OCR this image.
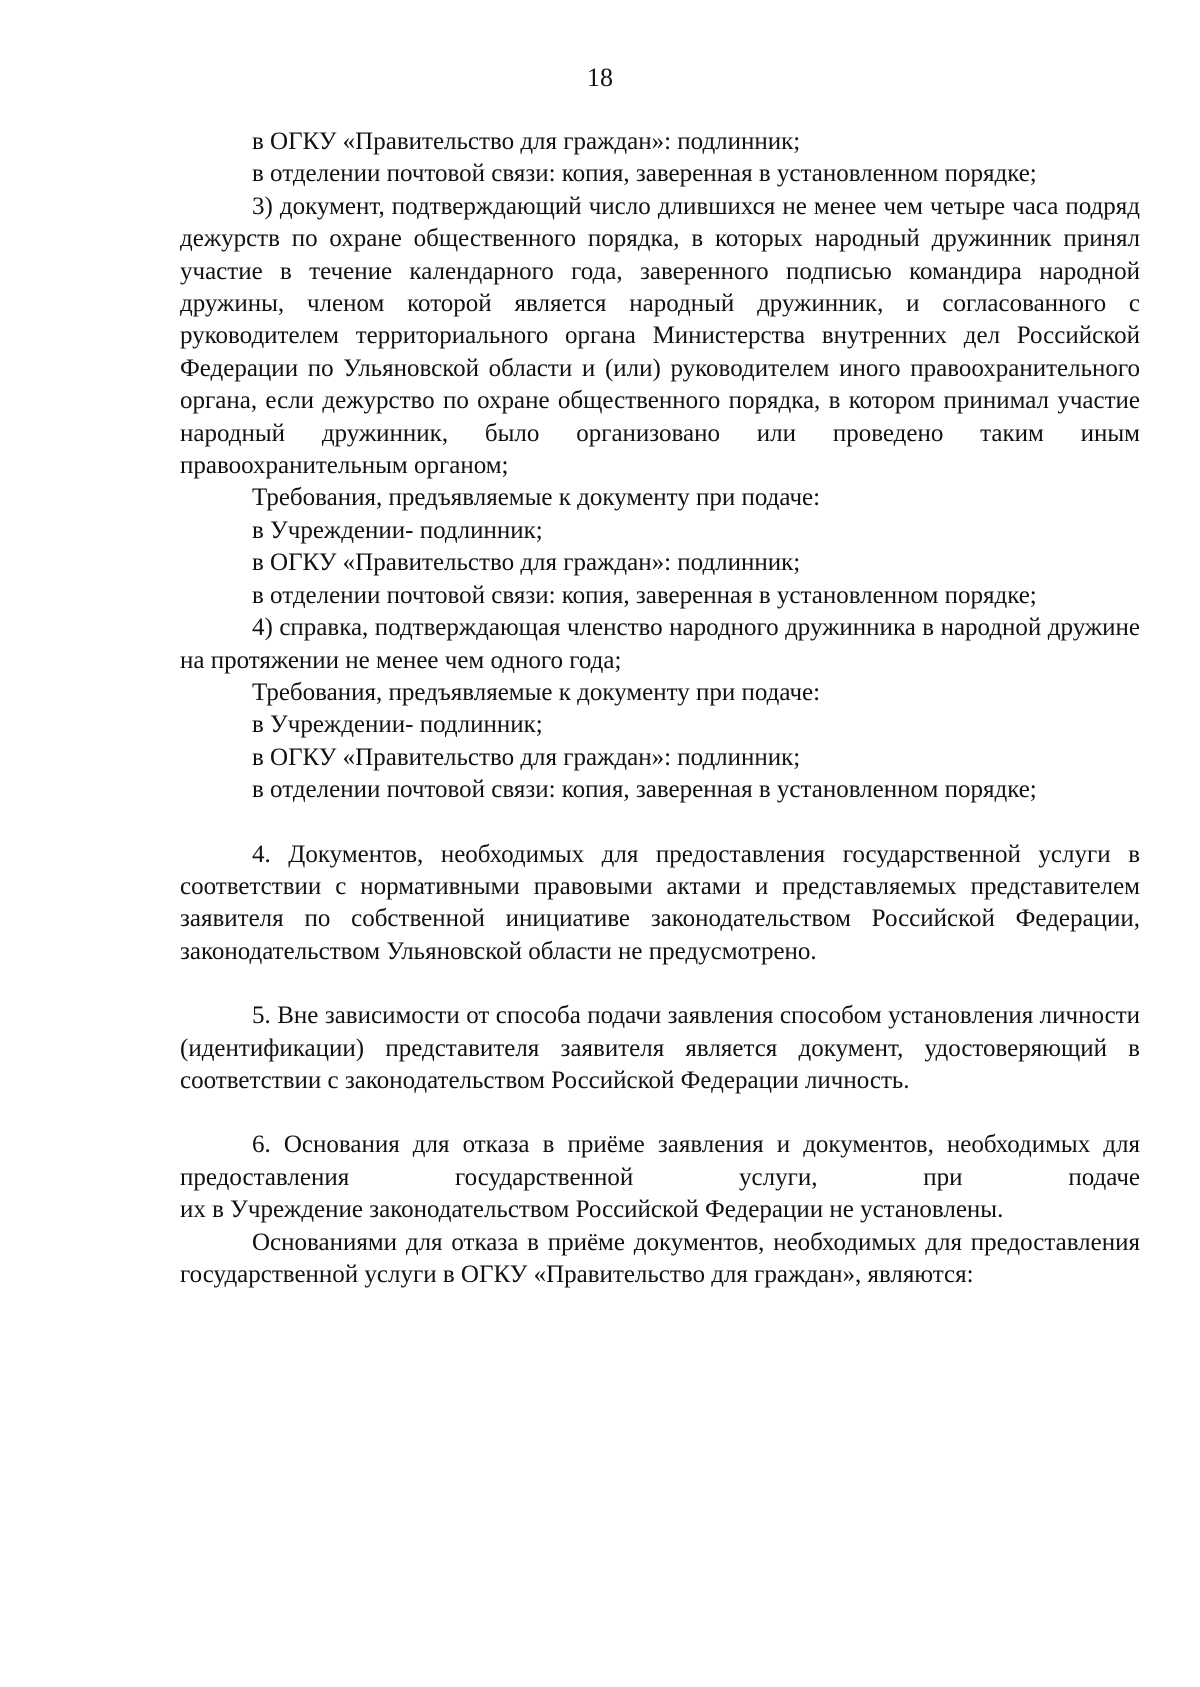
18

в ОГКУ «Правительство для граждан»: подлинник;

в отделении почтовой связи: копия, заверенная в установленном порядке;

3) документ, подтверждающий число длившихся не менее чем четыре часа подряд дежурств по охране общественного порядка, в которых народный дружинник принял участие в течение календарного года, заверенного подписью командира народной дружины, членом которой является народный дружинник, и согласованного с руководителем территориального органа Министерства внутренних дел Российской Федерации по Ульяновской области и (или) руководителем иного правоохранительного органа, если дежурство по охране общественного порядка, в котором принимал участие народный дружинник, было организовано или проведено таким иным правоохранительным органом;

Требования, предъявляемые к документу при подаче:

в Учреждении- подлинник;

в ОГКУ «Правительство для граждан»: подлинник;

в отделении почтовой связи: копия, заверенная в установленном порядке;

4) справка, подтверждающая членство народного дружинника в народной дружине на протяжении не менее чем одного года;

Требования, предъявляемые к документу при подаче:

в Учреждении- подлинник;

в ОГКУ «Правительство для граждан»: подлинник;

в отделении почтовой связи: копия, заверенная в установленном порядке;

4. Документов, необходимых для предоставления государственной услуги в соответствии с нормативными правовыми актами и представляемых представителем заявителя по собственной инициативе законодательством Российской Федерации, законодательством Ульяновской области не предусмотрено.

5. Вне зависимости от способа подачи заявления способом установления личности (идентификации) представителя заявителя является документ, удостоверяющий в соответствии с законодательством Российской Федерации личность.

6. Основания для отказа в приёме заявления и документов, необходимых для предоставления государственной услуги, при подаче

их в Учреждение законодательством Российской Федерации не установлены.

Основаниями для отказа в приёме документов, необходимых для предоставления государственной услуги в ОГКУ «Правительство для граждан», являются:
